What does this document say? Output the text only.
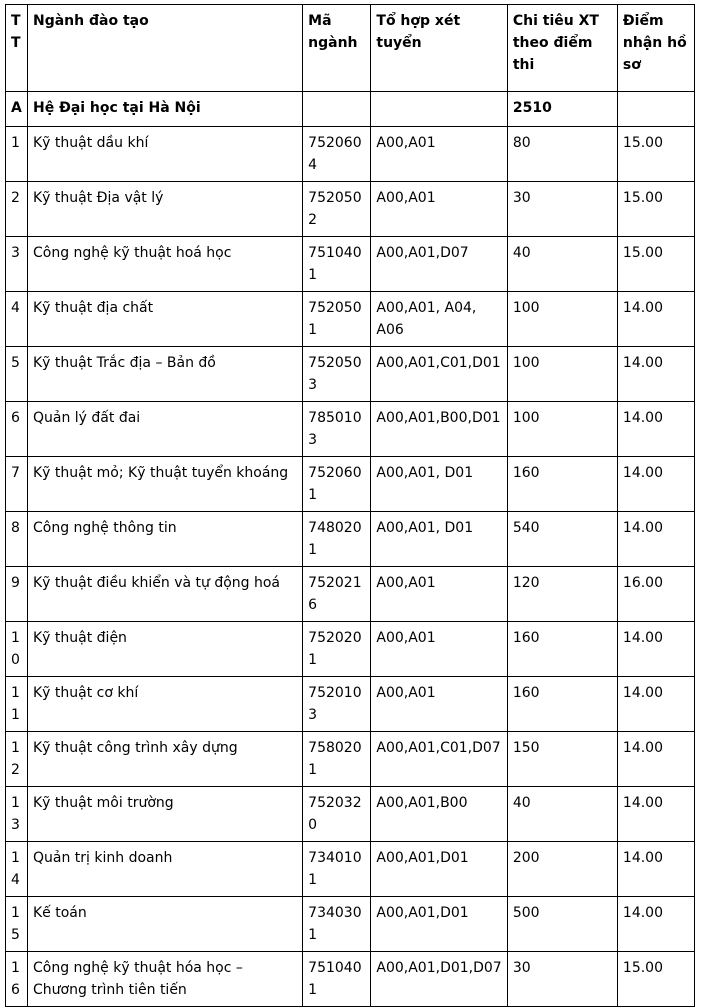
TT	Ngành đào tạo	Mã ngành	Tổ hợp xét tuyển	Chi tiêu XT theo điểm thi	Điểm nhận hồ sơ
A	Hệ Đại học tại Hà Nội			2510	
1	Kỹ thuật dầu khí	7520604	A00,A01	80	15.00
2	Kỹ thuật Địa vật lý	7520502	A00,A01	30	15.00
3	Công nghệ kỹ thuật hoá học	7510401	A00,A01,D07	40	15.00
4	Kỹ thuật địa chất	7520501	A00,A01, A04, A06	100	14.00
5	Kỹ thuật Trắc địa – Bản đồ	7520503	A00,A01,C01,D01	100	14.00
6	Quản lý đất đai	7850103	A00,A01,B00,D01	100	14.00
7	Kỹ thuật mỏ; Kỹ thuật tuyển khoáng	7520601	A00,A01, D01	160	14.00
8	Công nghệ thông tin	7480201	A00,A01, D01	540	14.00
9	Kỹ thuật điều khiển và tự động hoá	7520216	A00,A01	120	16.00
10	Kỹ thuật điện	7520201	A00,A01	160	14.00
11	Kỹ thuật cơ khí	7520103	A00,A01	160	14.00
12	Kỹ thuật công trình xây dựng	7580201	A00,A01,C01,D07	150	14.00
13	Kỹ thuật môi trường	7520320	A00,A01,B00	40	14.00
14	Quản trị kinh doanh	7340101	A00,A01,D01	200	14.00
15	Kế toán	7340301	A00,A01,D01	500	14.00
16	Công nghệ kỹ thuật hóa học – Chương trình tiên tiến	7510401	A00,A01,D01,D07	30	15.00
